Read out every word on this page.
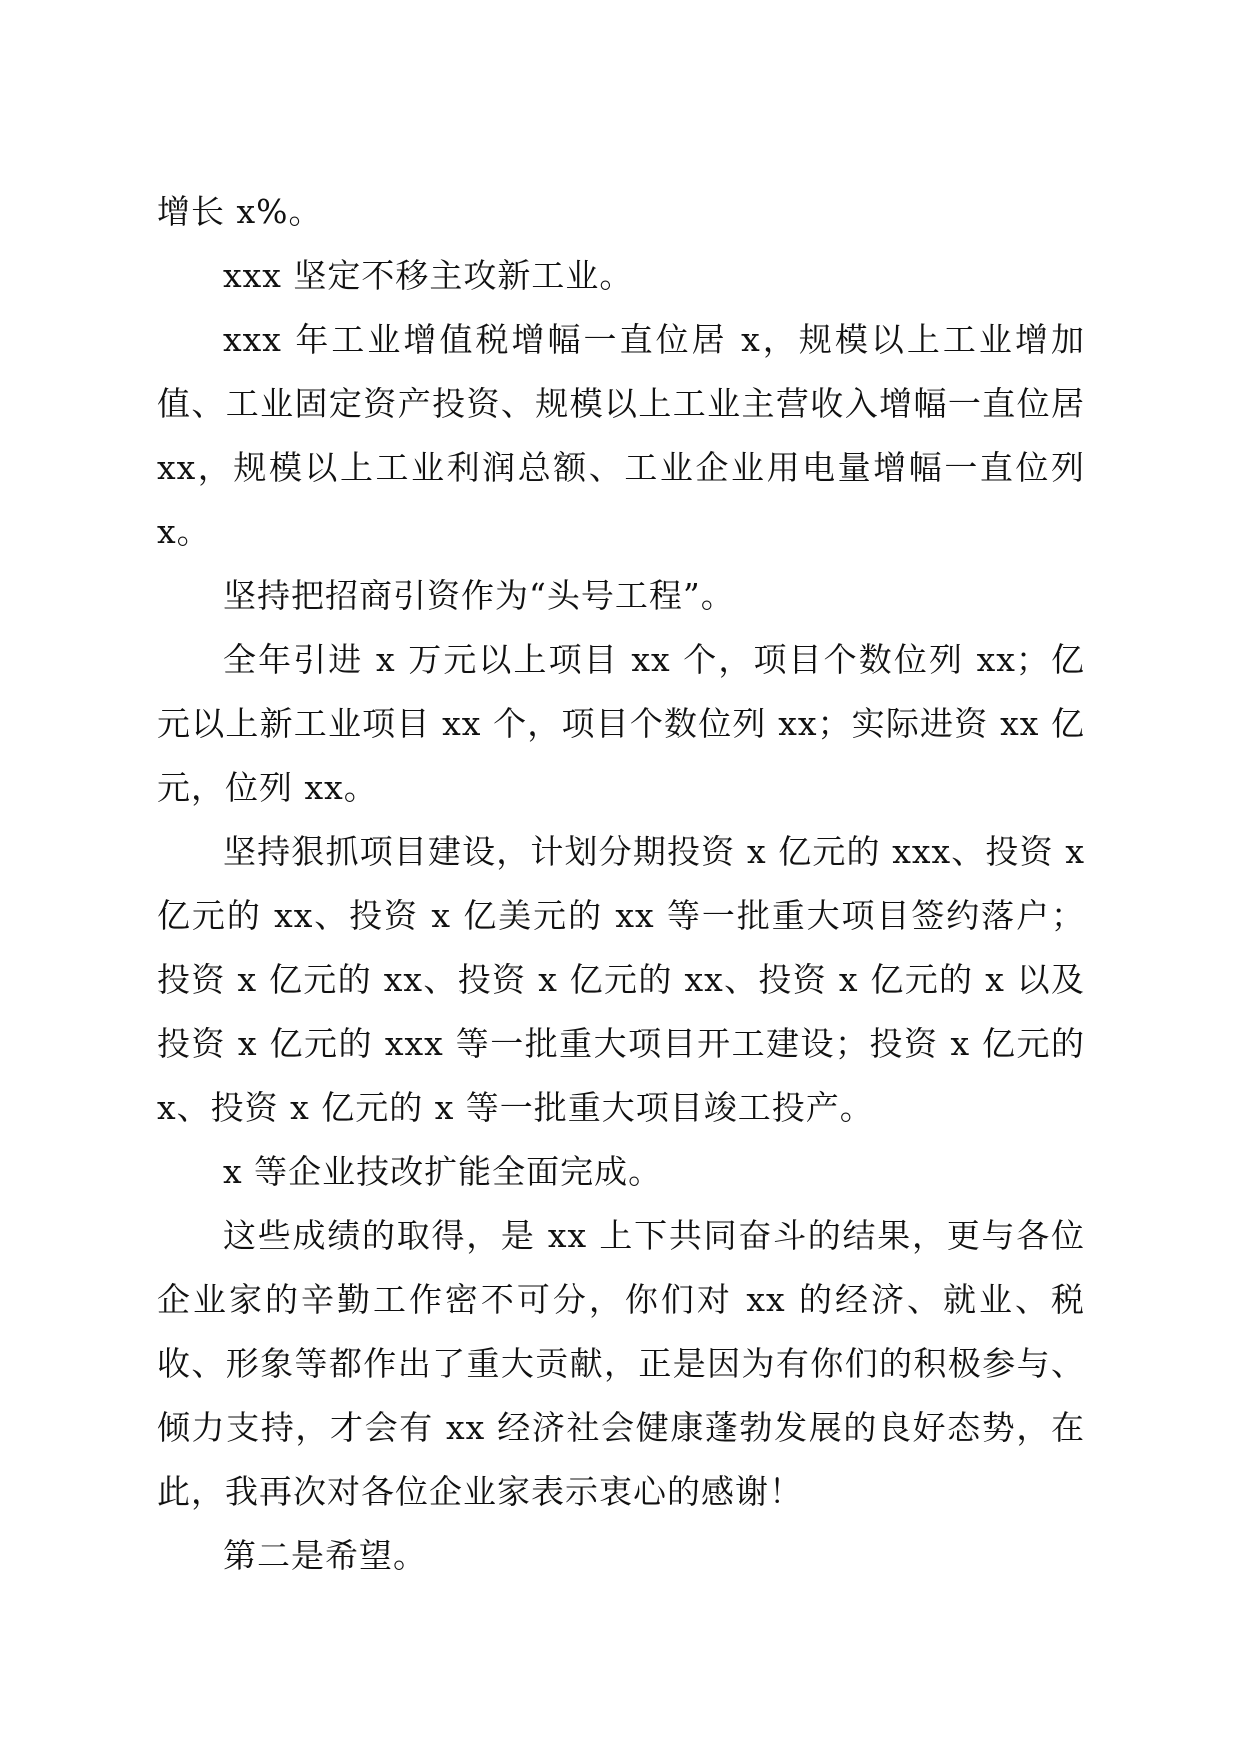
增长 x%。

xxx 坚定不移主攻新工业。

xxx 年工业增值税增幅一直位居 x，规模以上工业增加值、工业固定资产投资、规模以上工业主营收入增幅一直位居 xx，规模以上工业利润总额、工业企业用电量增幅一直位列 x。

坚持把招商引资作为“头号工程”。

全年引进 x 万元以上项目 xx 个，项目个数位列 xx；亿元以上新工业项目 xx 个，项目个数位列 xx；实际进资 xx 亿元，位列 xx。

坚持狠抓项目建设，计划分期投资 x 亿元的 xxx、投资 x 亿元的 xx、投资 x 亿美元的 xx 等一批重大项目签约落户；投资 x 亿元的 xx、投资 x 亿元的 xx、投资 x 亿元的 x 以及投资 x 亿元的 xxx 等一批重大项目开工建设；投资 x 亿元的 x、投资 x 亿元的 x 等一批重大项目竣工投产。

x 等企业技改扩能全面完成。

这些成绩的取得，是 xx 上下共同奋斗的结果，更与各位企业家的辛勤工作密不可分，你们对 xx 的经济、就业、税收、形象等都作出了重大贡献，正是因为有你们的积极参与、倾力支持，才会有 xx 经济社会健康蓬勃发展的良好态势，在此，我再次对各位企业家表示衷心的感谢！

第二是希望。
